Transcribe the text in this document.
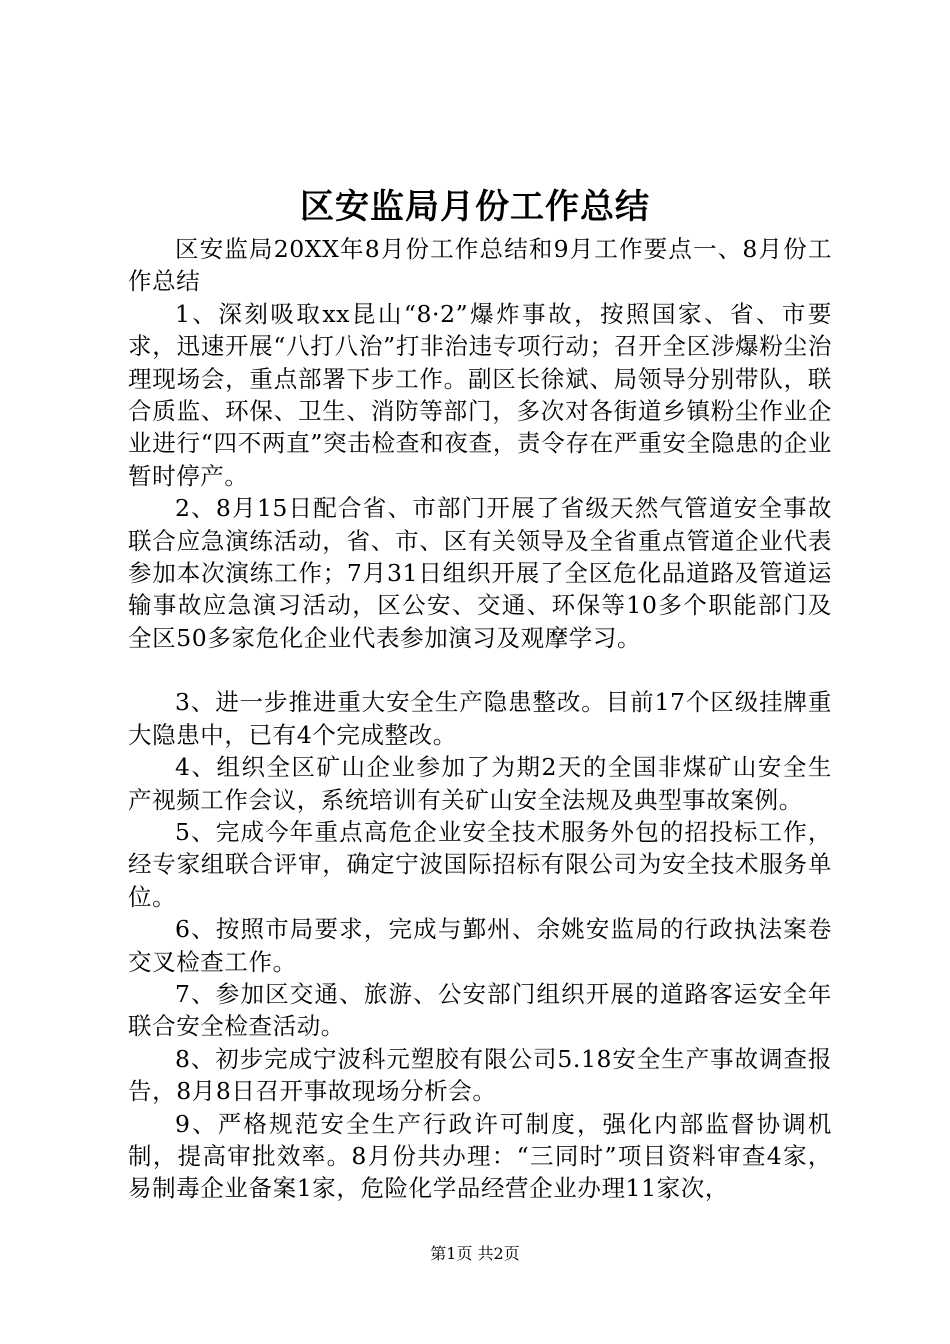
区安监局月份工作总结

区安监局20XX年8月份工作总结和9月工作要点一、8月份工作总结

1、深刻吸取xx昆山“8·2”爆炸事故，按照国家、省、市要求，迅速开展“八打八治”打非治违专项行动；召开全区涉爆粉尘治理现场会，重点部署下步工作。副区长徐斌、局领导分别带队，联合质监、环保、卫生、消防等部门，多次对各街道乡镇粉尘作业企业进行“四不两直”突击检查和夜查，责令存在严重安全隐患的企业暂时停产。

2、8月15日配合省、市部门开展了省级天然气管道安全事故联合应急演练活动，省、市、区有关领导及全省重点管道企业代表参加本次演练工作；7月31日组织开展了全区危化品道路及管道运输事故应急演习活动，区公安、交通、环保等10多个职能部门及全区50多家危化企业代表参加演习及观摩学习。

3、进一步推进重大安全生产隐患整改。目前17个区级挂牌重大隐患中，已有4个完成整改。

4、组织全区矿山企业参加了为期2天的全国非煤矿山安全生产视频工作会议，系统培训有关矿山安全法规及典型事故案例。

5、完成今年重点高危企业安全技术服务外包的招投标工作，经专家组联合评审，确定宁波国际招标有限公司为安全技术服务单位。

6、按照市局要求，完成与鄞州、余姚安监局的行政执法案卷交叉检查工作。

7、参加区交通、旅游、公安部门组织开展的道路客运安全年联合安全检查活动。

8、初步完成宁波科元塑胶有限公司5.18安全生产事故调查报告，8月8日召开事故现场分析会。

9、严格规范安全生产行政许可制度，强化内部监督协调机制，提高审批效率。8月份共办理：“三同时”项目资料审查4家，易制毒企业备案1家，危险化学品经营企业办理11家次，

第1页 共2页
